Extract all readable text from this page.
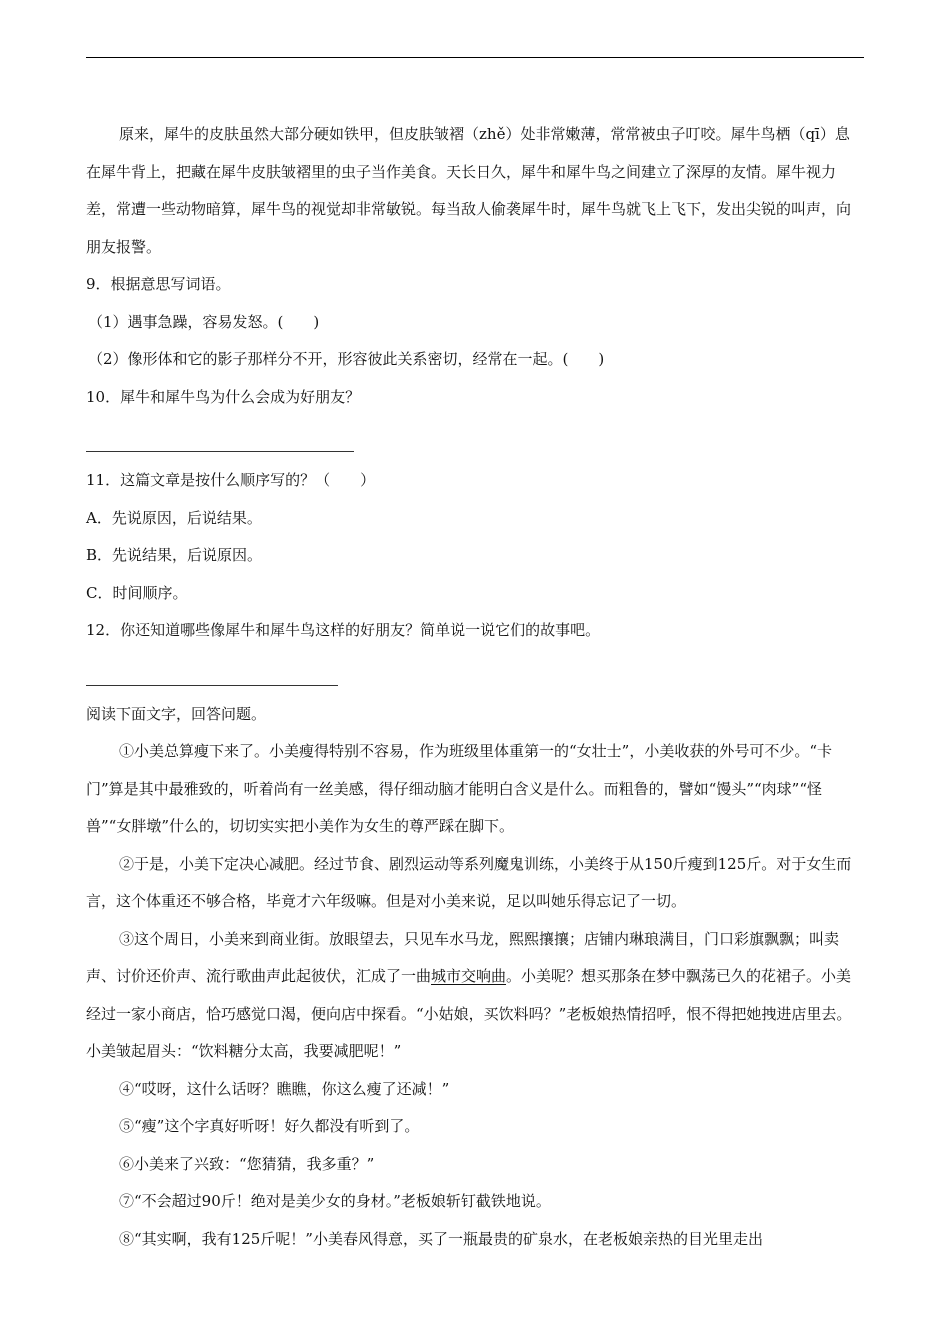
原来，犀牛的皮肤虽然大部分硬如铁甲，但皮肤皱褶（zhě）处非常嫩薄，常常被虫子叮咬。犀牛鸟栖（qī）息在犀牛背上，把藏在犀牛皮肤皱褶里的虫子当作美食。天长日久，犀牛和犀牛鸟之间建立了深厚的友情。犀牛视力差，常遭一些动物暗算，犀牛鸟的视觉却非常敏锐。每当敌人偷袭犀牛时，犀牛鸟就飞上飞下，发出尖锐的叫声，向朋友报警。

9．根据意思写词语。

（1）遇事急躁，容易发怒。(　　)

（2）像形体和它的影子那样分不开，形容彼此关系密切，经常在一起。(　　)

10．犀牛和犀牛鸟为什么会成为好朋友？

11．这篇文章是按什么顺序写的？（　　）

A．先说原因，后说结果。

B．先说结果，后说原因。

C．时间顺序。

12．你还知道哪些像犀牛和犀牛鸟这样的好朋友？简单说一说它们的故事吧。

阅读下面文字，回答问题。

①小美总算瘦下来了。小美瘦得特别不容易，作为班级里体重第一的“女壮士”，小美收获的外号可不少。“卡门”算是其中最雅致的，听着尚有一丝美感，得仔细动脑才能明白含义是什么。而粗鲁的，譬如“馒头”“肉球”“怪兽”“女胖墩”什么的，切切实实把小美作为女生的尊严踩在脚下。

②于是，小美下定决心减肥。经过节食、剧烈运动等系列魔鬼训练，小美终于从150斤瘦到125斤。对于女生而言，这个体重还不够合格，毕竟才六年级嘛。但是对小美来说，足以叫她乐得忘记了一切。

③这个周日，小美来到商业街。放眼望去，只见车水马龙，熙熙攘攘；店铺内琳琅满目，门口彩旗飘飘；叫卖声、讨价还价声、流行歌曲声此起彼伏，汇成了一曲城市交响曲。小美呢？想买那条在梦中飘荡已久的花裙子。小美经过一家小商店，恰巧感觉口渴，便向店中探看。“小姑娘，买饮料吗？”老板娘热情招呼，恨不得把她拽进店里去。小美皱起眉头：“饮料糖分太高，我要减肥呢！”

④“哎呀，这什么话呀？瞧瞧，你这么瘦了还减！”

⑤“瘦”这个字真好听呀！好久都没有听到了。

⑥小美来了兴致：“您猜猜，我多重？”

⑦“不会超过90斤！绝对是美少女的身材。”老板娘斩钉截铁地说。

⑧“其实啊，我有125斤呢！”小美春风得意，买了一瓶最贵的矿泉水，在老板娘亲热的目光里走出
